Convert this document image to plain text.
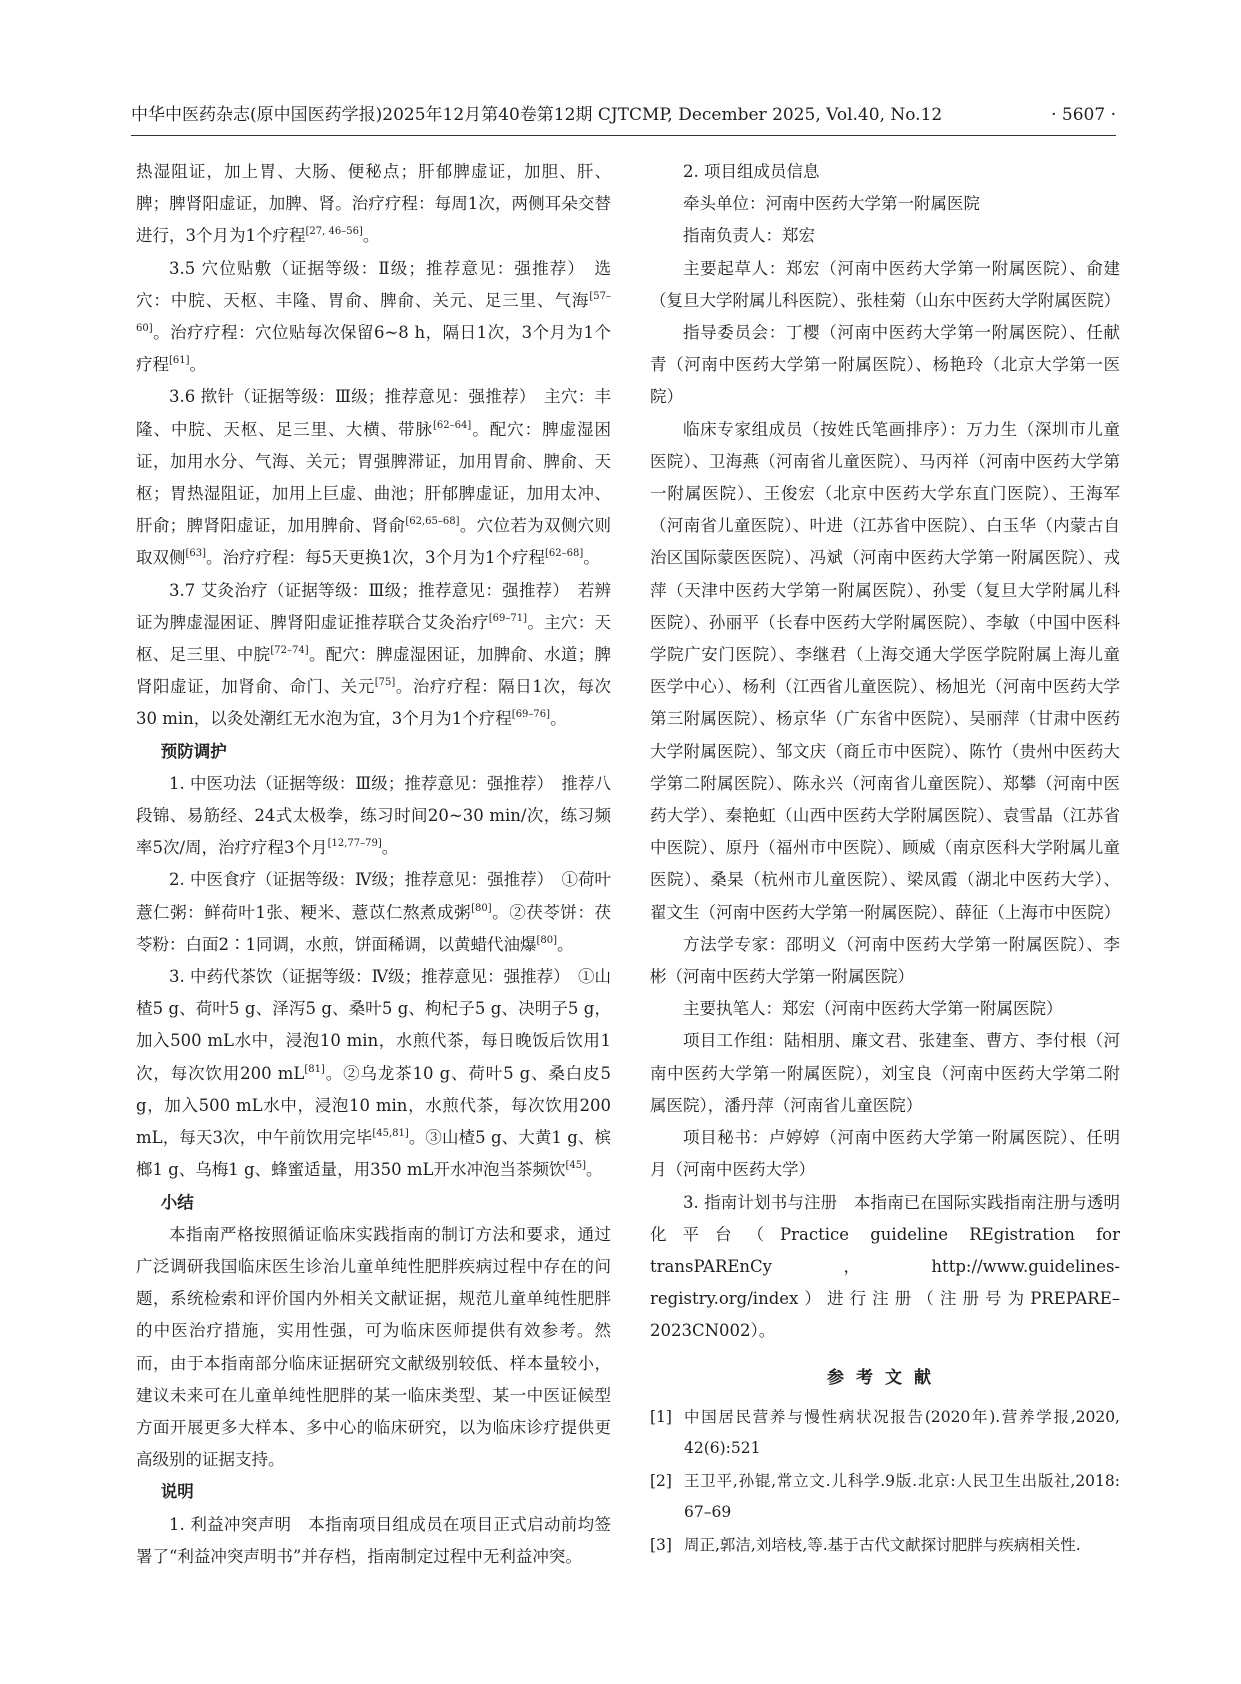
中华中医药杂志(原中国医药学报)2025年12月第40卷第12期 CJTCMP, December 2025, Vol.40, No.12	· 5607 ·

热湿阻证，加上胃、大肠、便秘点；肝郁脾虚证，加胆、肝、脾；脾肾阳虚证，加脾、肾。治疗疗程：每周1次，两侧耳朵交替进行，3个月为1个疗程[27, 46–56]。

3.5 穴位贴敷（证据等级：Ⅱ级；推荐意见：强推荐）　选穴：中脘、天枢、丰隆、胃俞、脾俞、关元、足三里、气海[57–60]。治疗疗程：穴位贴每次保留6~8 h，隔日1次，3个月为1个疗程[61]。

3.6 揿针（证据等级：Ⅲ级；推荐意见：强推荐）　主穴：丰隆、中脘、天枢、足三里、大横、带脉[62–64]。配穴：脾虚湿困证，加用水分、气海、关元；胃强脾滞证，加用胃俞、脾俞、天枢；胃热湿阻证，加用上巨虚、曲池；肝郁脾虚证，加用太冲、肝俞；脾肾阳虚证，加用脾俞、肾俞[62,65–68]。穴位若为双侧穴则取双侧[63]。治疗疗程：每5天更换1次，3个月为1个疗程[62–68]。

3.7 艾灸治疗（证据等级：Ⅲ级；推荐意见：强推荐）　若辨证为脾虚湿困证、脾肾阳虚证推荐联合艾灸治疗[69–71]。主穴：天枢、足三里、中脘[72–74]。配穴：脾虚湿困证，加脾俞、水道；脾肾阳虚证，加肾俞、命门、关元[75]。治疗疗程：隔日1次，每次30 min，以灸处潮红无水泡为宜，3个月为1个疗程[69–76]。

预防调护

1. 中医功法（证据等级：Ⅲ级；推荐意见：强推荐）　推荐八段锦、易筋经、24式太极拳，练习时间20~30 min/次，练习频率5次/周，治疗疗程3个月[12,77–79]。

2. 中医食疗（证据等级：Ⅳ级；推荐意见：强推荐）　①荷叶薏仁粥：鲜荷叶1张、粳米、薏苡仁熬煮成粥[80]。②茯苓饼：茯苓粉：白面2∶1同调，水煎，饼面稀调，以黄蜡代油爆[80]。

3. 中药代茶饮（证据等级：Ⅳ级；推荐意见：强推荐）　①山楂5 g、荷叶5 g、泽泻5 g、桑叶5 g、枸杞子5 g、决明子5 g，加入500 mL水中，浸泡10 min，水煎代茶，每日晚饭后饮用1次，每次饮用200 mL[81]。②乌龙茶10 g、荷叶5 g、桑白皮5 g，加入500 mL水中，浸泡10 min，水煎代茶，每次饮用200 mL，每天3次，中午前饮用完毕[45,81]。③山楂5 g、大黄1 g、槟榔1 g、乌梅1 g、蜂蜜适量，用350 mL开水冲泡当茶频饮[45]。

小结

本指南严格按照循证临床实践指南的制订方法和要求，通过广泛调研我国临床医生诊治儿童单纯性肥胖疾病过程中存在的问题，系统检索和评价国内外相关文献证据，规范儿童单纯性肥胖的中医治疗措施，实用性强，可为临床医师提供有效参考。然而，由于本指南部分临床证据研究文献级别较低、样本量较小，建议未来可在儿童单纯性肥胖的某一临床类型、某一中医证候型方面开展更多大样本、多中心的临床研究，以为临床诊疗提供更高级别的证据支持。

说明

1. 利益冲突声明　本指南项目组成员在项目正式启动前均签署了“利益冲突声明书”并存档，指南制定过程中无利益冲突。

2. 项目组成员信息

牵头单位：河南中医药大学第一附属医院

指南负责人：郑宏

主要起草人：郑宏（河南中医药大学第一附属医院）、俞建（复旦大学附属儿科医院）、张桂菊（山东中医药大学附属医院）

指导委员会：丁樱（河南中医药大学第一附属医院）、任献青（河南中医药大学第一附属医院）、杨艳玲（北京大学第一医院）

临床专家组成员（按姓氏笔画排序）：万力生（深圳市儿童医院）、卫海燕（河南省儿童医院）、马丙祥（河南中医药大学第一附属医院）、王俊宏（北京中医药大学东直门医院）、王海军（河南省儿童医院）、叶进（江苏省中医院）、白玉华（内蒙古自治区国际蒙医医院）、冯斌（河南中医药大学第一附属医院）、戎萍（天津中医药大学第一附属医院）、孙雯（复旦大学附属儿科医院）、孙丽平（长春中医药大学附属医院）、李敏（中国中医科学院广安门医院）、李继君（上海交通大学医学院附属上海儿童医学中心）、杨利（江西省儿童医院）、杨旭光（河南中医药大学第三附属医院）、杨京华（广东省中医院）、吴丽萍（甘肃中医药大学附属医院）、邹文庆（商丘市中医院）、陈竹（贵州中医药大学第二附属医院）、陈永兴（河南省儿童医院）、郑攀（河南中医药大学）、秦艳虹（山西中医药大学附属医院）、袁雪晶（江苏省中医院）、原丹（福州市中医院）、顾威（南京医科大学附属儿童医院）、桑杲（杭州市儿童医院）、梁凤霞（湖北中医药大学）、翟文生（河南中医药大学第一附属医院）、薛征（上海市中医院）

方法学专家：邵明义（河南中医药大学第一附属医院）、李彬（河南中医药大学第一附属医院）

主要执笔人：郑宏（河南中医药大学第一附属医院）

项目工作组：陆相朋、廉文君、张建奎、曹方、李付根（河南中医药大学第一附属医院），刘宝良（河南中医药大学第二附属医院），潘丹萍（河南省儿童医院）

项目秘书：卢婷婷（河南中医药大学第一附属医院）、任明月（河南中医药大学）

3. 指南计划书与注册　本指南已在国际实践指南注册与透明化平台（Practice guideline REgistration for transPAREnCy，http://www.guidelines-registry.org/index）进行注册（注册号为PREPARE–2023CN002）。

参考文献

[1] 中国居民营养与慢性病状况报告(2020年).营养学报,2020, 42(6):521
[2] 王卫平,孙锟,常立文.儿科学.9版.北京:人民卫生出版社,2018: 67–69
[3] 周正,郭洁,刘培枝,等.基于古代文献探讨肥胖与疾病相关性.
